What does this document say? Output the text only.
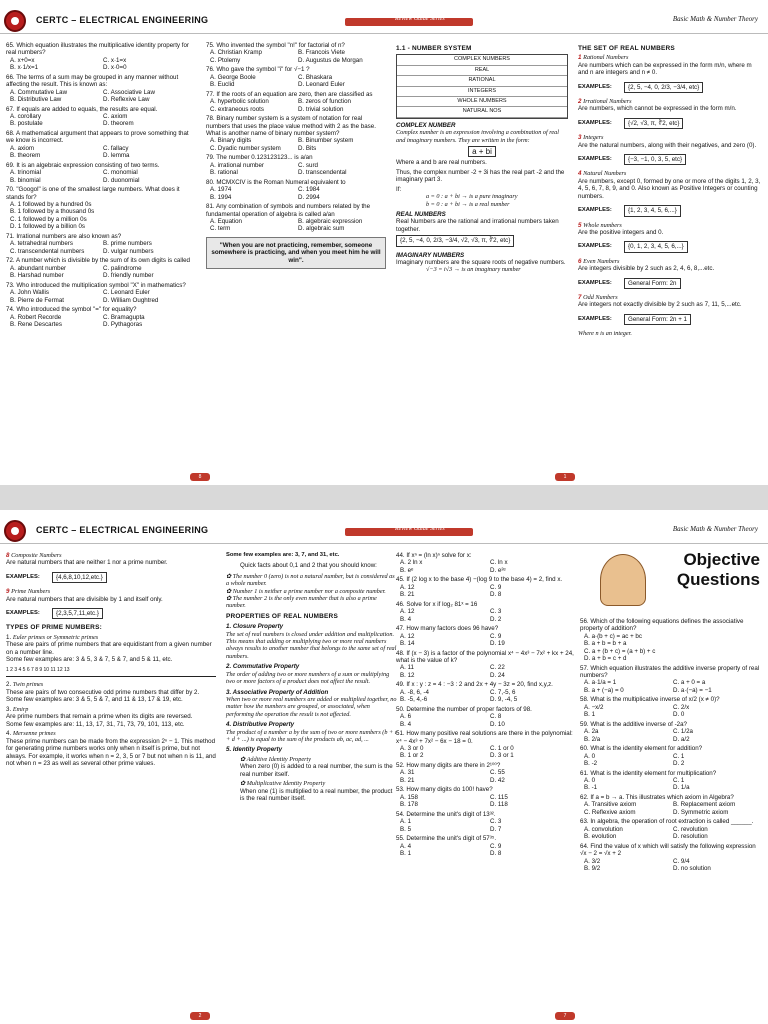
CERTC – ELECTRICAL ENGINEERING	Review Guide Series	Basic Math & Number Theory
65. Which equation illustrates the multiplicative identity property for real numbers?
A. x+0=x	C. x·1=x
B. x·1/x=1	D. x·0=0
66. The terms of a sum may be grouped in any manner without affecting the result. This is known as:
A. Commutative Law	C. Associative Law
B. Distributive Law	D. Reflexive Law
67. If equals are added to equals, the results are equal.
A. corollary	C. axiom
B. postulate	D. theorem
68. A mathematical argument that appears to prove something that we know is incorrect.
A. axiom	C. fallacy
B. theorem	D. lemma
69. It is an algebraic expression consisting of two terms.
A. trinomial	C. monomial
B. binomial	D. duonomial
70. "Googol" is one of the smallest large numbers. What does it stands for?
A. 1 followed by a hundred 0s
B. 1 followed by a thousand 0s
C. 1 followed by a million 0s
D. 1 followed by a billion 0s
71. Irrational numbers are also known as?
A. tetrahedral numbers	B. prime numbers
C. transcendental numbers	D. vulgar numbers
72. A number which is divisible by the sum of its own digits is called
A. abundant number	C. palindrome
B. Harshad number	D. friendly number
73. Who introduced the multiplication symbol "X" in mathematics?
A. John Wallis	C. Leonard Euler
B. Pierre de Fermat	D. William Oughtred
74. Who introduced the symbol "=" for equality?
A. Robert Recorde	C. Bramagupta
B. Rene Descartes	D. Pythagoras
75. Who invented the symbol "n!" for factorial of n?
A. Christian Kramp	B. Francois Viete
C. Ptolemy	D. Augustus de Morgan
76. Who gave the symbol "i" for √−1 ?
A. George Boole	C. Bhaskara
B. Euclid	D. Leonard Euler
77. If the roots of an equation are zero, then are classified as
A. hyperbolic solution	B. zeros of function
C. extraneous roots	D. trivial solution
78. Binary number system is a system of notation for real numbers that uses the place value method with 2 as the base. What is another name of binary number system?
A. Binary digits	B. Binumber system
C. Dyadic number system	D. Bits
79. The number 0.123123123... is a/an
A. irrational number	C. surd
B. rational	D. transcendental
80. MCMXCIV is the Roman Numeral equivalent to
A. 1974	C. 1984
B. 1994	D. 2994
81. Any combination of symbols and numbers related by the fundamental operation of algebra is called a/an
A. Equation	B. algebraic expression
C. term	D. algebraic sum
"When you are not practicing, remember, someone somewhere is practicing, and when you meet him he will win".
1.1 - NUMBER SYSTEM
COMPLEX NUMBERS
REAL
RATIONAL
INTEGERS
WHOLE NUMBERS
NATURAL NOS
COMPLEX NUMBER
Complex number is an expression involving a combination of real and imaginary numbers. They are written in the form:
a + bi
Where a and b are real numbers.
Thus, the complex number -2 + 3i has the real part -2 and the imaginary part 3.
If:
a = 0 : a + bi → is a pure imaginary
b = 0 : a + bi → is a real number
REAL NUMBERS
Real Numbers are the rational and irrational numbers taken together.
{2, 5, −4, 0, 2/3, −3/4, √2, √3, π, ∛2, etc}
IMAGINARY NUMBERS
Imaginary numbers are the square roots of negative numbers.
√−3 = i√3 → is an imaginary number
THE SET OF REAL NUMBERS
1 Rational Numbers
Are numbers which can be expressed in the form m/n, where m and n are integers and n ≠ 0.
EXAMPLES:	{2, 5, −4, 0, 2/3, −3/4, etc}
2 Irrational Numbers
Are numbers, which cannot be expressed in the form m/n.
EXAMPLES:	{√2, √3, π, ∛2, etc}
3 Integers
Are the natural numbers, along with their negatives, and zero (0).
EXAMPLES:	{−3, −1, 0, 3, 5, etc}
4 Natural Numbers
Are numbers, except 0, formed by one or more of the digits 1, 2, 3, 4, 5, 6, 7, 8, 9, and 0. Also known as Positive Integers or counting numbers.
EXAMPLES:	{1, 2, 3, 4, 5, 6,...}
5 Whole numbers
Are the positive integers and 0.
EXAMPLES:	{0, 1, 2, 3, 4, 5, 6,...}
6 Even Numbers
Are integers divisible by 2 such as 2, 4, 6, 8,...etc.
EXAMPLES:	General Form: 2n
7 Odd Numbers
Are integers not exactly divisible by 2 such as 7, 11, 5,...etc.
EXAMPLES:	General Form: 2n + 1
Where n is an integer.
8	1
CERTC – ELECTRICAL ENGINEERING	Review Guide Series	Basic Math & Number Theory
8 Composite Numbers
Are natural numbers that are neither 1 nor a prime number.
EXAMPLES:	{4,6,8,10,12,etc.}
9 Prime Numbers
Are natural numbers that are divisible by 1 and itself only.
EXAMPLES:	{2,3,5,7,11,etc.}
TYPES OF PRIME NUMBERS:
1. Euler primes or Symmetric primes
These are pairs of prime numbers that are equidistant from a given number on a number line.
Some few examples are: 3 & 5, 3 & 7, 5 & 7, and 5 & 11, etc.
1 2 3 4 5 6 7 8 9 10 11 12 13
2. Twin primes
These are pairs of two consecutive odd prime numbers that differ by 2.
Some few examples are: 3 & 5, 5 & 7, and 11 & 13, 17 & 19, etc.
3. Emirp
Are prime numbers that remain a prime when its digits are reversed.
Some few examples are: 11, 13, 17, 31, 71, 73, 79, 101, 113, etc.
4. Mersenne primes
These prime numbers can be made from the expression 2ⁿ − 1. This method for generating prime numbers works only when n itself is prime, but not always. For example, it works when n = 2, 3, 5 or 7 but not when n is 11, and not when n = 23 as well as several other prime values.
Some few examples are: 3, 7, and 31, etc.
Quick facts about 0,1 and 2 that you should know:
✿ The number 0 (zero) is not a natural number, but is considered as a whole number.
✿ Number 1 is neither a prime number nor a composite number.
✿ The number 2 is the only even number that is also a prime number.
PROPERTIES OF REAL NUMBERS
1. Closure Property
The set of real numbers is closed under addition and multiplication. This means that adding or multiplying two or more real numbers always results to another number that belongs to the same set of real numbers.
2. Commutative Property
The order of adding two or more numbers of a sum or multiplying two or more factors of a product does not affect the result.
3. Associative Property of Addition
When two or more real numbers are added or multiplied together, no matter how the numbers are grouped, or associated, when performing the operation the result is not affected.
4. Distributive Property
The product of a number a by the sum of two or more numbers (b + c + d + ...) is equal to the sum of the products ab, ac, ad, ...
5. Identity Property
✿ Additive Identity Property
When zero (0) is added to a real number, the sum is the real number itself.
✿ Multiplicative Identity Property
When one (1) is multiplied to a real number, the product is the real number itself.
44. If xⁿ = (ln x)ⁿ solve for x:
A. 2 ln x	C. ln x
B. eᵉ	D. e²ᵉ
45. If (2 log x to the base 4) −(log 9 to the base 4) = 2, find x.
A. 12	C. 9
B. 21	D. 8
46. Solve for x if log₂ 81ˣ = 16
A. 12	C. 3
B. 4	D. 2
47. How many factors does 96 have?
A. 12	C. 9
B. 14	D. 19
48. If (x − 3) is a factor of the polynomial x⁴ − 4x³ − 7x² + kx + 24, what is the value of k?
A. 11	C. 22
B. 12	D. 24
49. If x : y : z = 4 : −3 : 2 and 2x + 4y − 3z = 20, find x,y,z.
A. -8, 6, -4	C. 7,-5, 6
B. -5, 4,-6	D. 9, -4, 5
50. Determine the number of proper factors of 98.
A. 6	C. 8
B. 4	D. 10
51. How many positive real solutions are there in the polynomial: x⁴ − 4x³ + 7x² − 6x − 18 = 0.
A. 3 or 0	C. 1 or 0
B. 1 or 2	D. 3 or 1
52. How many digits are there in 2¹⁰⁰?
A. 31	C. 55
B. 21	D. 42
53. How many digits do 100! have?
A. 158	C. 115
B. 178	D. 118
54. Determine the unit's digit of 13³².
A. 1	C. 3
B. 5	D. 7
55. Determine the unit's digit of 57³⁵.
A. 4	C. 9
B. 1	D. 8
Objective
Questions
56. Which of the following equations defines the associative property of addition?
A. a·(b + c) = ac + bc
B. a + b = b + a
C. a + (b + c) = (a + b) + c
D. a + b = c + d
57. Which equation illustrates the additive inverse property of real numbers?
A. a·1/a = 1	C. a + 0 = a
B. a + (−a) = 0	D. a·(−a) = −1
58. What is the multiplicative inverse of x/2 (x ≠ 0)?
A. −x/2	C. 2/x
B. 1	D. 0
59. What is the additive inverse of -2a?
A. 2a	C. 1/2a
B. 2/a	D. a/2
60. What is the identity element for addition?
A. 0	C. 1
B. -2	D. 2
61. What is the identity element for multiplication?
A. 0	C. 1
B. -1	D. 1/a
62. If a = b → a. This illustrates which axiom in Algebra?
A. Transitive axiom	B. Replacement axiom
C. Reflexive axiom	D. Symmetric axiom
63. In algebra, the operation of root extraction is called ______.
A. convolution	C. revolution
B. evolution	D. resolution
64. Find the value of x which will satisfy the following expression √x − 2 = √x + 2
A. 3/2	C. 9/4
B. 9/2	D. no solution
2	7
